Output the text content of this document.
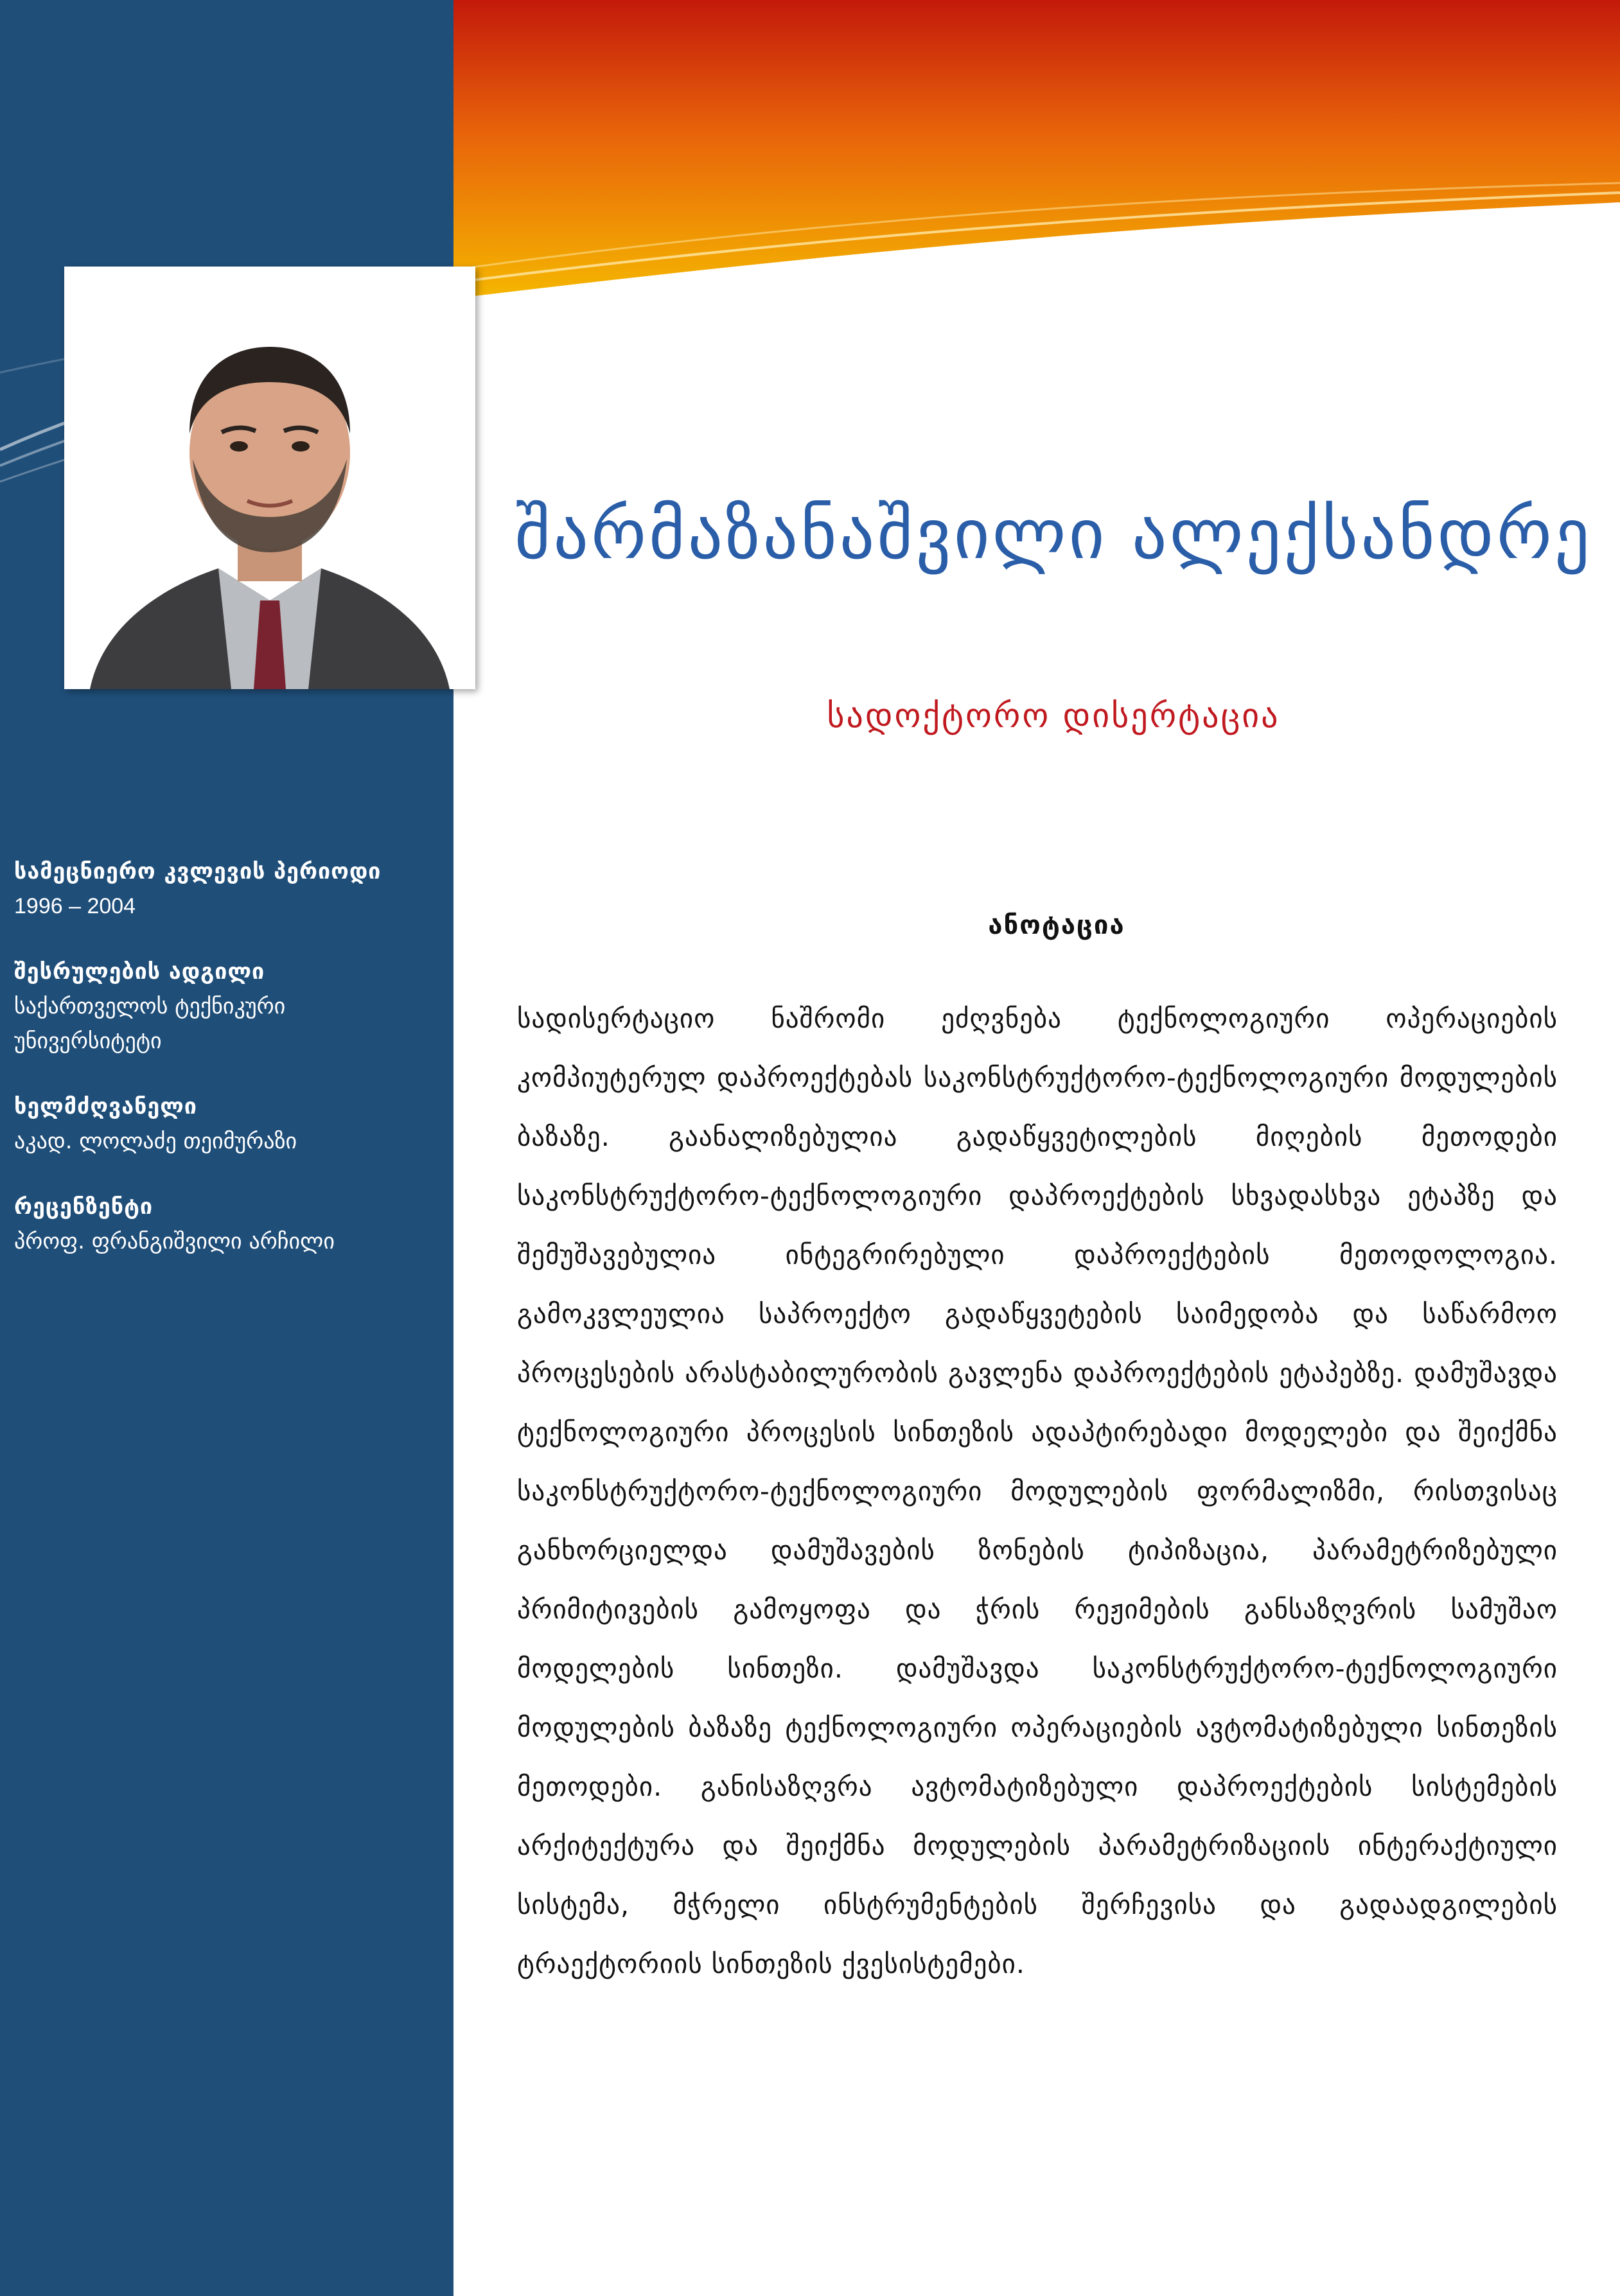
სამეცნიერო კვლევის პერიოდი
1996 – 2004
შესრულების ადგილი
საქართველოს ტექნიკური უნივერსიტეტი
ხელმძღვანელი
აკად. ლოლაძე თეიმურაზი
რეცენზენტი
პროფ. ფრანგიშვილი არჩილი
შარმაზანაშვილი ალექსანდრე
სადოქტორო დისერტაცია
ანოტაცია
სადისერტაციო ნაშრომი ეძღვნება ტექნოლოგიური ოპერაციების კომპიუტერულ დაპროექტებას საკონსტრუქტორო-ტექნოლოგიური მოდულების ბაზაზე. გაანალიზებულია გადაწყვეტილების მიღების მეთოდები საკონსტრუქტორო-ტექნოლოგიური დაპროექტების სხვადასხვა ეტაპზე და შემუშავებულია ინტეგრირებული დაპროექტების მეთოდოლოგია. გამოკვლეულია საპროექტო გადაწყვეტების საიმედობა და საწარმოო პროცესების არასტაბილურობის გავლენა დაპროექტების ეტაპებზე. დამუშავდა ტექნოლოგიური პროცესის სინთეზის ადაპტირებადი მოდელები და შეიქმნა საკონსტრუქტორო-ტექნოლოგიური მოდულების ფორმალიზმი, რისთვისაც განხორციელდა დამუშავების ზონების ტიპიზაცია, პარამეტრიზებული პრიმიტივების გამოყოფა და ჭრის რეჟიმების განსაზღვრის სამუშაო მოდელების სინთეზი. დამუშავდა საკონსტრუქტორო-ტექნოლოგიური მოდულების ბაზაზე ტექნოლოგიური ოპერაციების ავტომატიზებული სინთეზის მეთოდები. განისაზღვრა ავტომატიზებული დაპროექტების სისტემების არქიტექტურა და შეიქმნა მოდულების პარამეტრიზაციის ინტერაქტიული სისტემა, მჭრელი ინსტრუმენტების შერჩევისა და გადაადგილების ტრაექტორიის სინთეზის ქვესისტემები.
